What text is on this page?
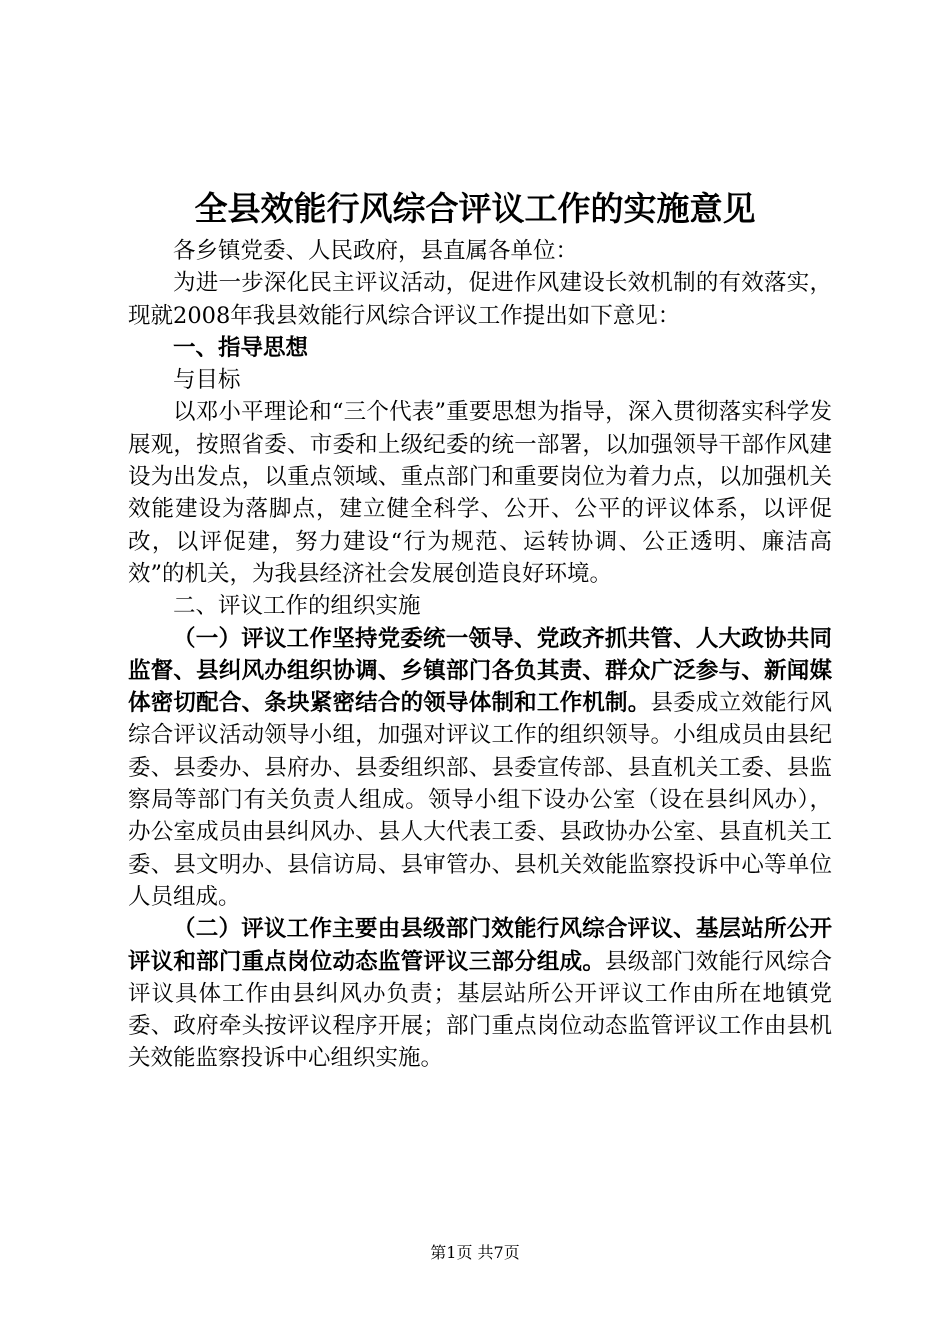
全县效能行风综合评议工作的实施意见

各乡镇党委、人民政府，县直属各单位：

为进一步深化民主评议活动，促进作风建设长效机制的有效落实，现就2008年我县效能行风综合评议工作提出如下意见：

一、指导思想

与目标

以邓小平理论和“三个代表”重要思想为指导，深入贯彻落实科学发展观，按照省委、市委和上级纪委的统一部署，以加强领导干部作风建设为出发点，以重点领域、重点部门和重要岗位为着力点，以加强机关效能建设为落脚点，建立健全科学、公开、公平的评议体系，以评促改，以评促建，努力建设“行为规范、运转协调、公正透明、廉洁高效”的机关，为我县经济社会发展创造良好环境。

二、评议工作的组织实施

（一）评议工作坚持党委统一领导、党政齐抓共管、人大政协共同监督、县纠风办组织协调、乡镇部门各负其责、群众广泛参与、新闻媒体密切配合、条块紧密结合的领导体制和工作机制。县委成立效能行风综合评议活动领导小组，加强对评议工作的组织领导。小组成员由县纪委、县委办、县府办、县委组织部、县委宣传部、县直机关工委、县监察局等部门有关负责人组成。领导小组下设办公室（设在县纠风办），办公室成员由县纠风办、县人大代表工委、县政协办公室、县直机关工委、县文明办、县信访局、县审管办、县机关效能监察投诉中心等单位人员组成。

（二）评议工作主要由县级部门效能行风综合评议、基层站所公开评议和部门重点岗位动态监管评议三部分组成。县级部门效能行风综合评议具体工作由县纠风办负责；基层站所公开评议工作由所在地镇党委、政府牵头按评议程序开展；部门重点岗位动态监管评议工作由县机关效能监察投诉中心组织实施。

第1页 共7页
